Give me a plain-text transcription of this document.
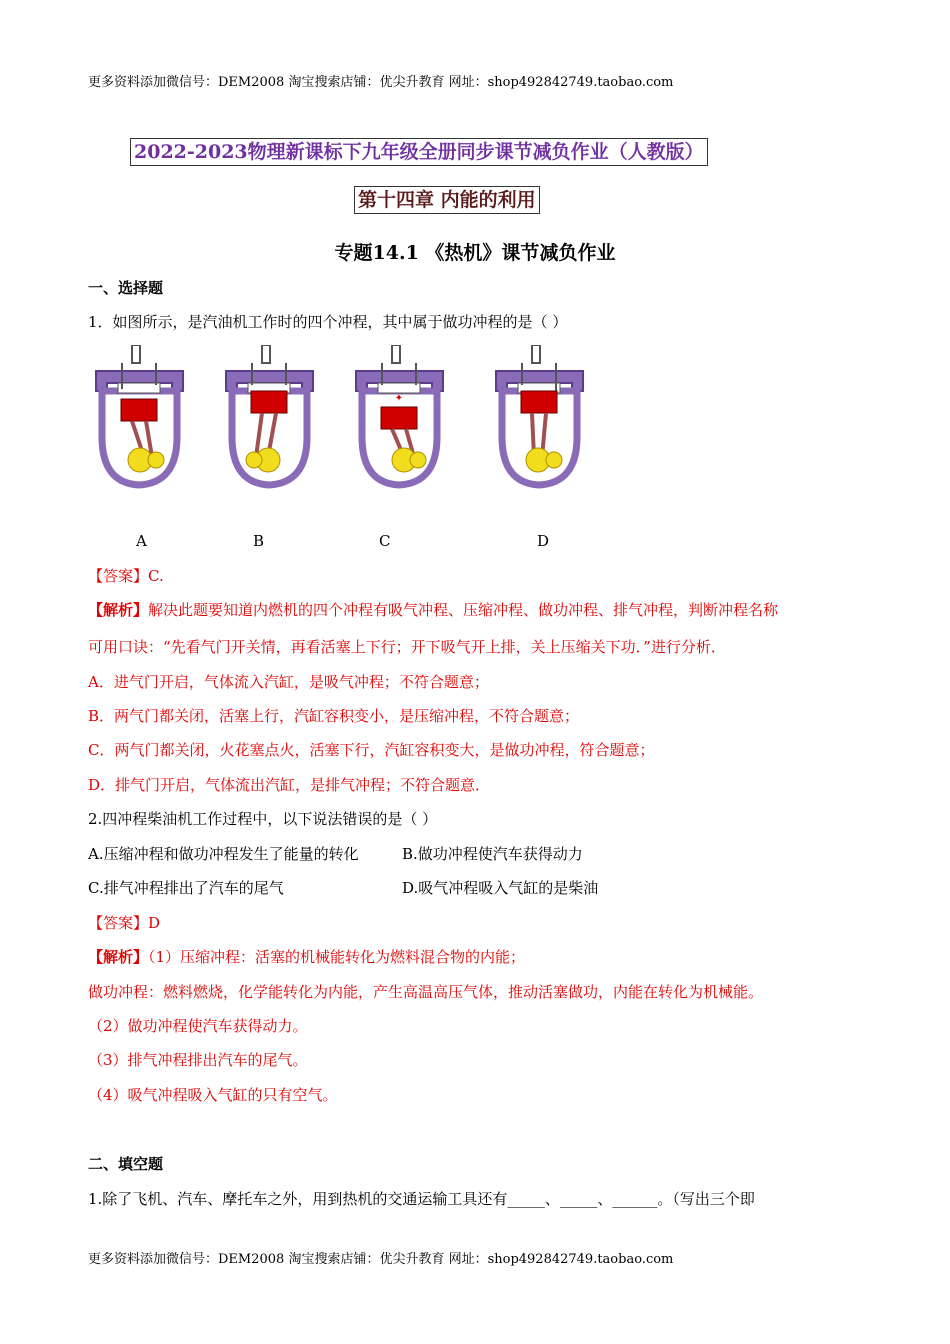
更多资料添加微信号：DEM2008 淘宝搜索店铺：优尖升教育 网址：shop492842749.taobao.com
2022-2023物理新课标下九年级全册同步课节减负作业（人教版）
第十四章 内能的利用
专题14.1 《热机》课节减负作业
一、选择题
1．如图所示，是汽油机工作时的四个冲程，其中属于做功冲程的是（ ）
✦
A	B	C	D
【答案】C.
【解析】解决此题要知道内燃机的四个冲程有吸气冲程、压缩冲程、做功冲程、排气冲程，判断冲程名称
可用口诀：“先看气门开关情，再看活塞上下行；开下吸气开上排，关上压缩关下功．”进行分析．
A．进气门开启，气体流入汽缸，是吸气冲程；不符合题意；
B．两气门都关闭，活塞上行，汽缸容积变小，是压缩冲程，不符合题意；
C．两气门都关闭，火花塞点火，活塞下行，汽缸容积变大，是做功冲程，符合题意；
D．排气门开启，气体流出汽缸，是排气冲程；不符合题意．
2.四冲程柴油机工作过程中，以下说法错误的是（ ）
A.压缩冲程和做功冲程发生了能量的转化	B.做功冲程使汽车获得动力
C.排气冲程排出了汽车的尾气	D.吸气冲程吸入气缸的是柴油
【答案】D
【解析】（1）压缩冲程：活塞的机械能转化为燃料混合物的内能；
做功冲程：燃料燃烧，化学能转化为内能，产生高温高压气体，推动活塞做功，内能在转化为机械能。
（2）做功冲程使汽车获得动力。
（3）排气冲程排出汽车的尾气。
（4）吸气冲程吸入气缸的只有空气。
二、填空题
1.除了飞机、汽车、摩托车之外，用到热机的交通运输工具还有_____、_____、______。（写出三个即
更多资料添加微信号：DEM2008 淘宝搜索店铺：优尖升教育 网址：shop492842749.taobao.com
